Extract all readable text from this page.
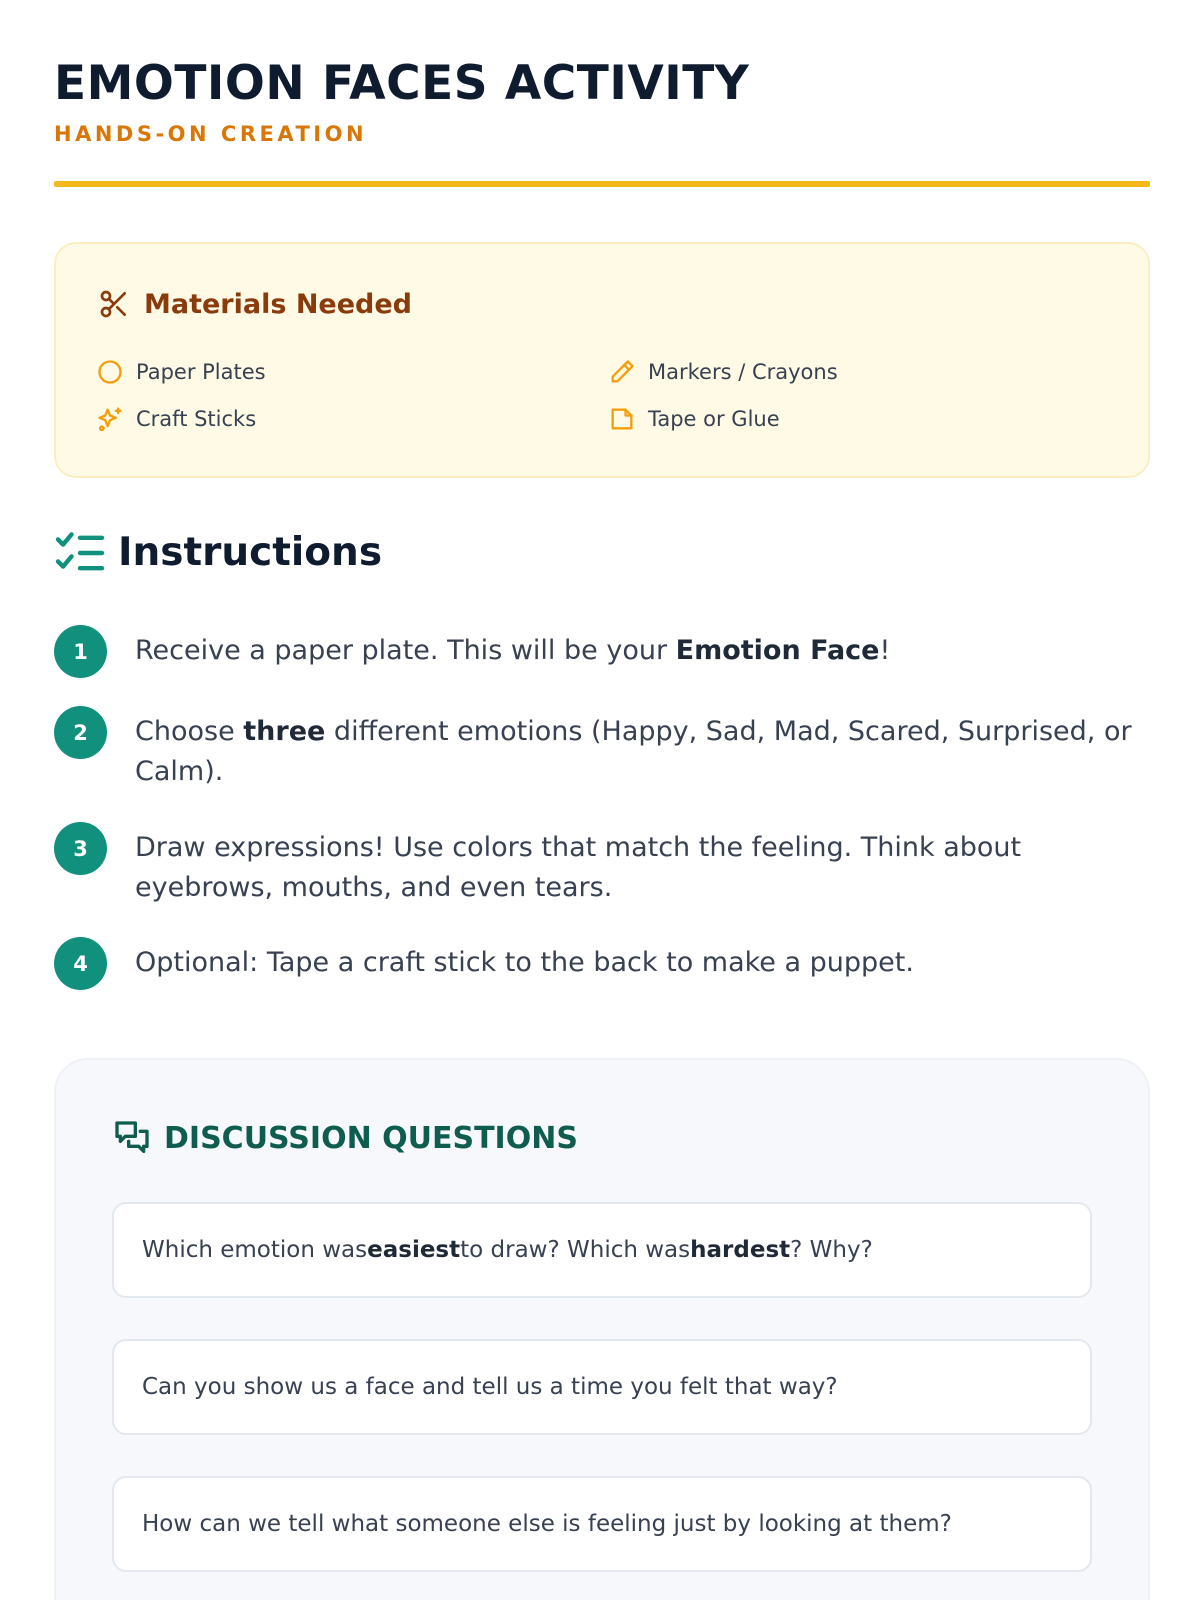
EMOTION FACES ACTIVITY
HANDS-ON CREATION
Materials Needed
Paper Plates	Markers / Crayons
Craft Sticks	Tape or Glue
Instructions
1	Receive a paper plate. This will be your Emotion Face!
2	Choose three different emotions (Happy, Sad, Mad, Scared, Surprised, or Calm).
3	Draw expressions! Use colors that match the feeling. Think about eyebrows, mouths, and even tears.
4	Optional: Tape a craft stick to the back to make a puppet.
DISCUSSION QUESTIONS
Which emotion was easiest to draw? Which was hardest ? Why?
Can you show us a face and tell us a time you felt that way?
How can we tell what someone else is feeling just by looking at them?
